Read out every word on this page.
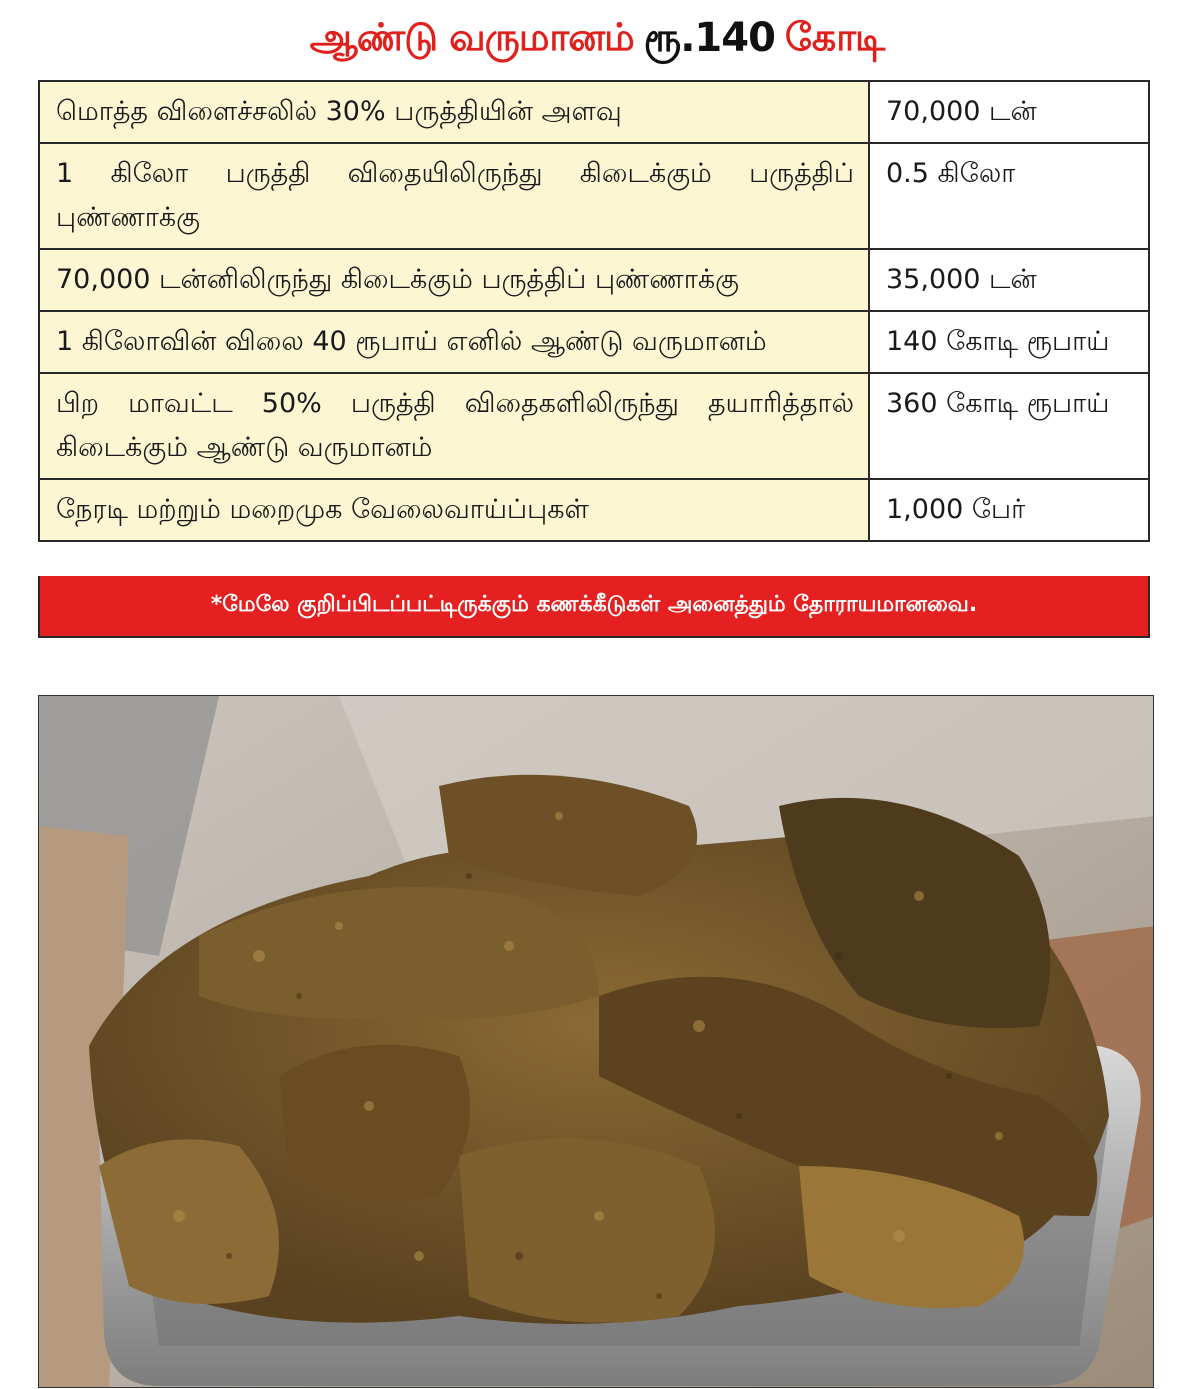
ஆண்டு வருமானம் ரூ.140 கோடி
மொத்த விளைச்சலில் 30% பருத்தியின் அளவு	70,000 டன்
1 கிலோ பருத்தி விதையிலிருந்து கிடைக்கும் பருத்திப் புண்ணாக்கு	0.5 கிலோ
70,000 டன்னிலிருந்து கிடைக்கும் பருத்திப் புண்ணாக்கு	35,000 டன்
1 கிலோவின் விலை 40 ரூபாய் எனில் ஆண்டு வருமானம்	140 கோடி ரூபாய்
பிற மாவட்ட 50% பருத்தி விதைகளிலிருந்து தயாரித்தால் கிடைக்கும் ஆண்டு வருமானம்	360 கோடி ரூபாய்
நேரடி மற்றும் மறைமுக வேலைவாய்ப்புகள்	1,000 பேர்
*மேலே குறிப்பிடப்பட்டிருக்கும் கணக்கீடுகள் அனைத்தும் தோராயமானவை.
